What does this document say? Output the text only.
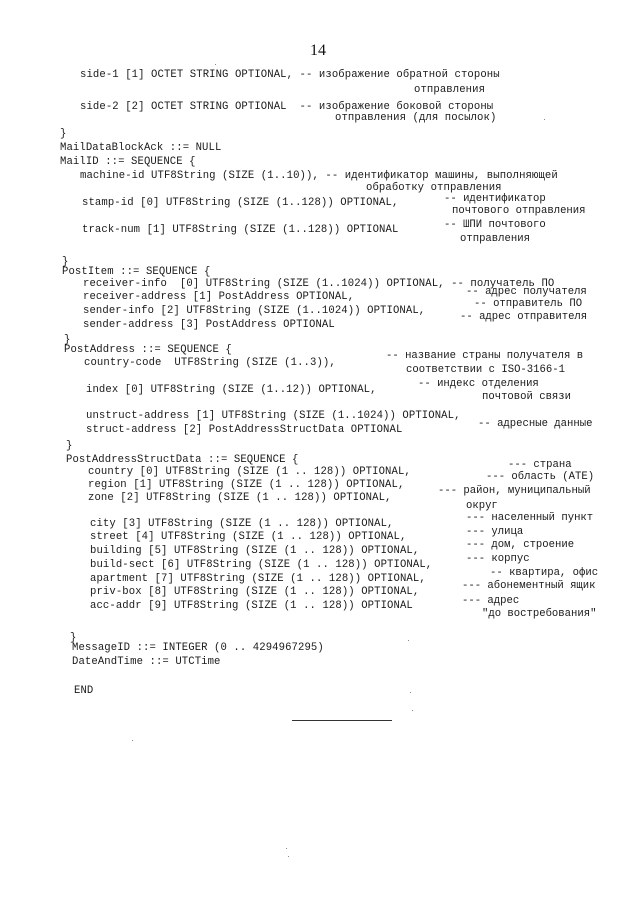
14
side-1 [1] OCTET STRING OPTIONAL, -- изображение обратной стороны
отправления
side-2 [2] OCTET STRING OPTIONAL  -- изображение боковой стороны
отправления (для посылок)
}
MailDataBlockAck ::= NULL
MailID ::= SEQUENCE {
machine-id UTF8String (SIZE (1..10)), -- идентификатор машины, выполняющей
обработку отправления
stamp-id [0] UTF8String (SIZE (1..128)) OPTIONAL,	-- идентификатор
почтового отправления
track-num [1] UTF8String (SIZE (1..128)) OPTIONAL	-- ШПИ почтового
отправления
}
PostItem ::= SEQUENCE {
receiver-info  [0] UTF8String (SIZE (1..1024)) OPTIONAL, -- получатель ПО
receiver-address [1] PostAddress OPTIONAL,	-- адрес получателя
sender-info [2] UTF8String (SIZE (1..1024)) OPTIONAL,
-- отправитель ПО
sender-address [3] PostAddress OPTIONAL
-- адрес отправителя
}
PostAddress ::= SEQUENCE {
country-code  UTF8String (SIZE (1..3)),
-- название страны получателя в
соответствии с ISO-3166-1
index [0] UTF8String (SIZE (1..12)) OPTIONAL,	-- индекс отделения
почтовой связи
unstruct-address [1] UTF8String (SIZE (1..1024)) OPTIONAL,
struct-address [2] PostAddressStructData OPTIONAL	-- адресные данные
}
PostAddressStructData ::= SEQUENCE {
country [0] UTF8String (SIZE (1 .. 128)) OPTIONAL,
--- страна
region [1] UTF8String (SIZE (1 .. 128)) OPTIONAL,
--- область (АТЕ)
zone [2] UTF8String (SIZE (1 .. 128)) OPTIONAL,
--- район, муниципальный
округ
city [3] UTF8String (SIZE (1 .. 128)) OPTIONAL,	--- населенный пункт
street [4] UTF8String (SIZE (1 .. 128)) OPTIONAL,	--- улица
building [5] UTF8String (SIZE (1 .. 128)) OPTIONAL,	--- дом, строение
build-sect [6] UTF8String (SIZE (1 .. 128)) OPTIONAL,	--- корпус
apartment [7] UTF8String (SIZE (1 .. 128)) OPTIONAL,	-- квартира, офис
priv-box [8] UTF8String (SIZE (1 .. 128)) OPTIONAL,	--- абонементный ящик
acc-addr [9] UTF8String (SIZE (1 .. 128)) OPTIONAL	--- адрес
"до востребования"
}
MessageID ::= INTEGER (0 .. 4294967295)
DateAndTime ::= UTCTime
END
